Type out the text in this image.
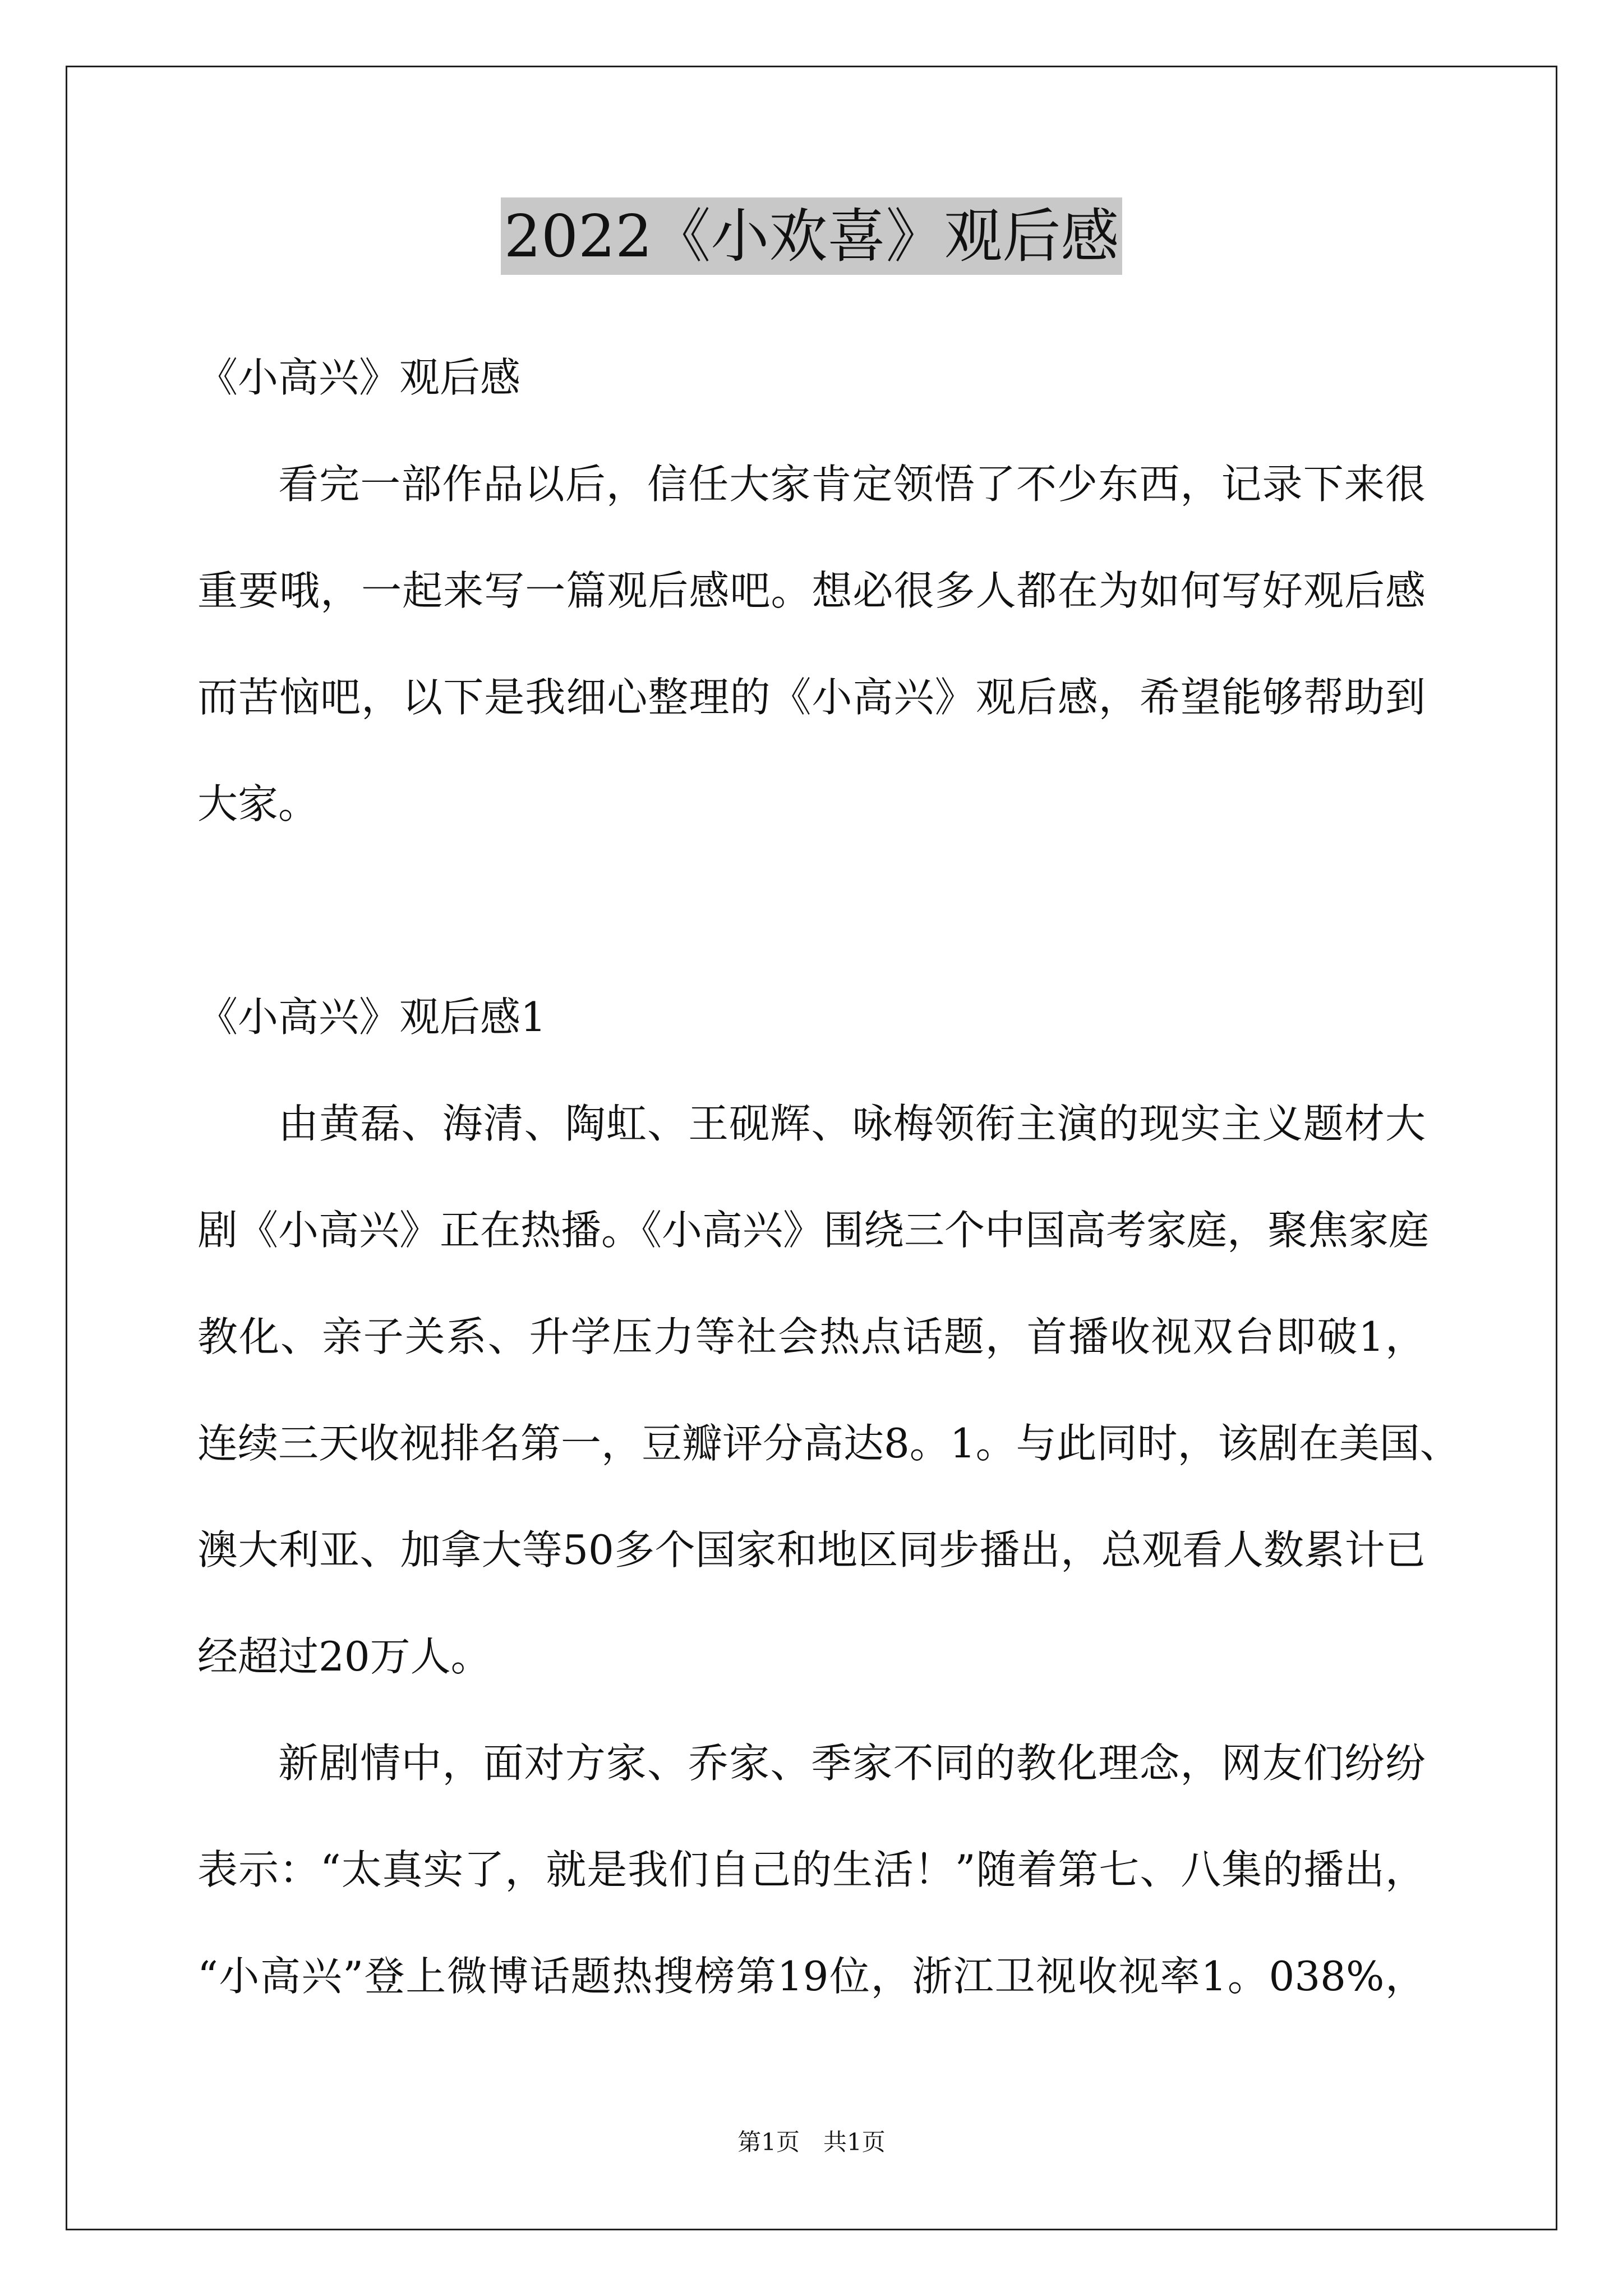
2022《小欢喜》观后感
《小高兴》观后感
看完一部作品以后，信任大家肯定领悟了不少东西，记录下来很
重要哦，一起来写一篇观后感吧。想必很多人都在为如何写好观后感
而苦恼吧，以下是我细心整理的《小高兴》观后感，希望能够帮助到
大家。
《小高兴》观后感1
由黄磊、海清、陶虹、王砚辉、咏梅领衔主演的现实主义题材大
剧《小高兴》正在热播。《小高兴》围绕三个中国高考家庭，聚焦家庭
教化、亲子关系、升学压力等社会热点话题，首播收视双台即破1，
连续三天收视排名第一，豆瓣评分高达8。1。与此同时，该剧在美国、
澳大利亚、加拿大等50多个国家和地区同步播出，总观看人数累计已
经超过20万人。
新剧情中，面对方家、乔家、季家不同的教化理念，网友们纷纷
表示：“太真实了，就是我们自己的生活！”随着第七、八集的播出，
“小高兴”登上微博话题热搜榜第19位，浙江卫视收视率1。038%，
第1页 共1页
